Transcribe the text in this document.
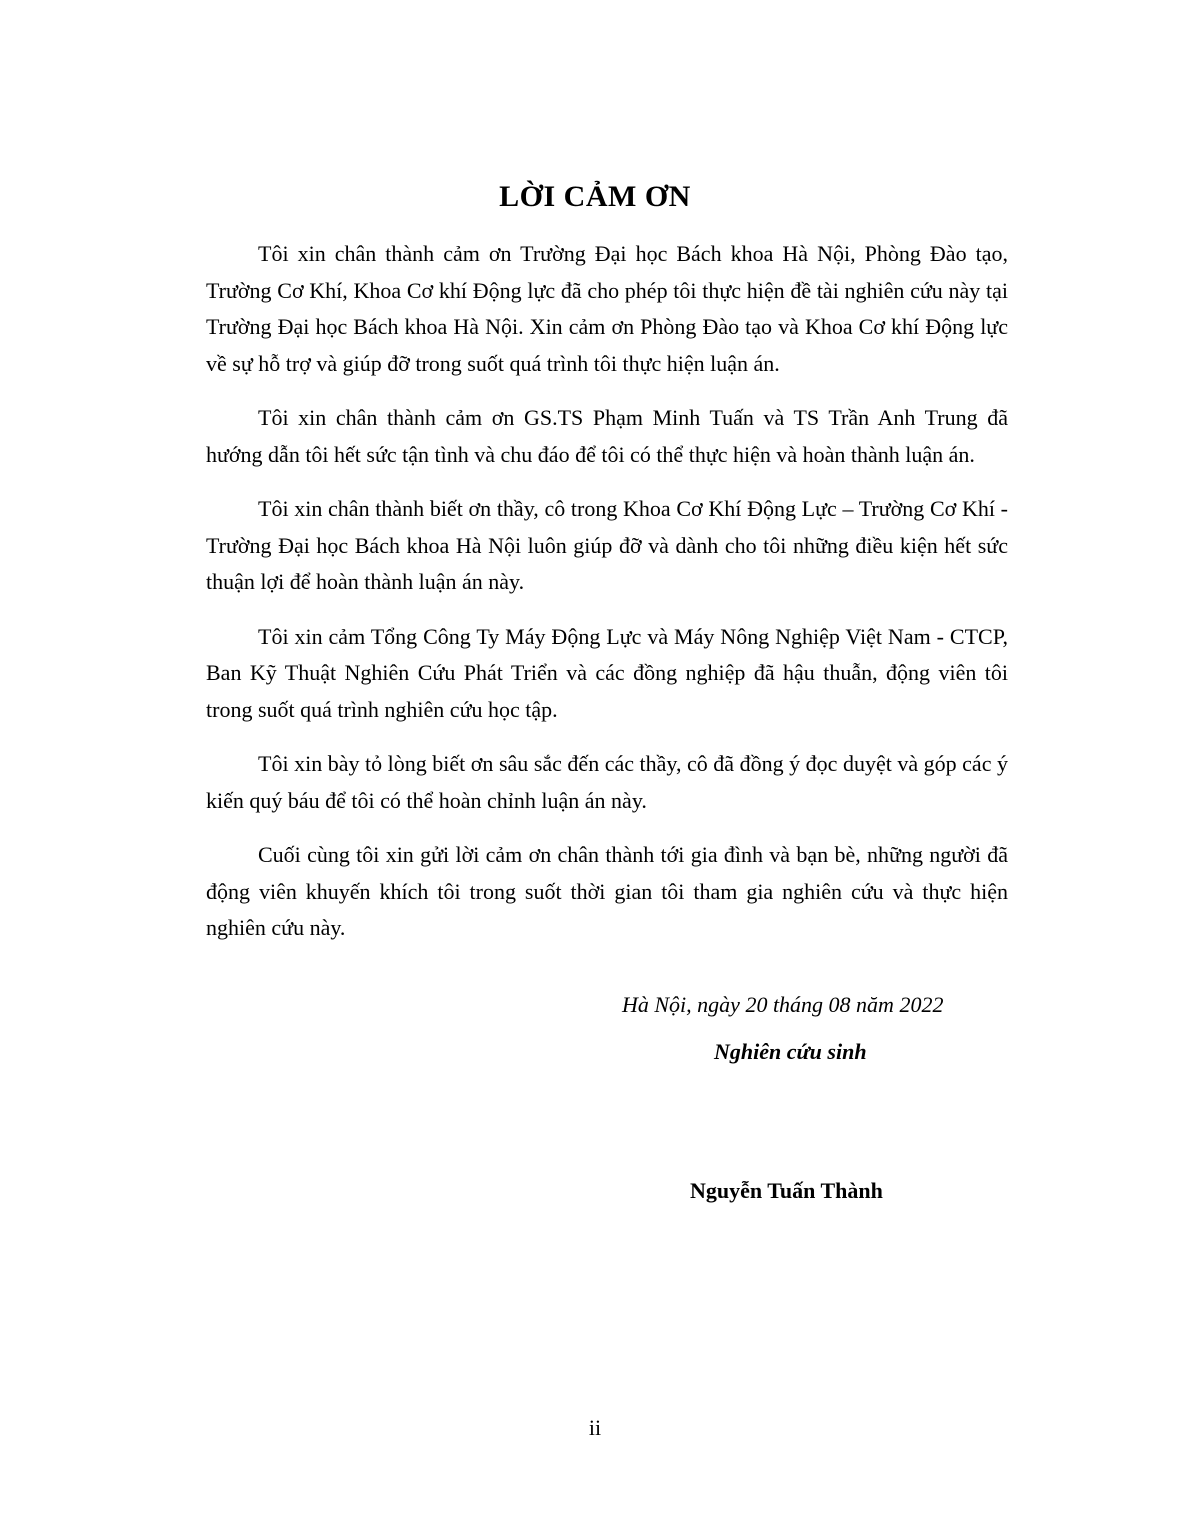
LỜI CẢM ƠN

Tôi xin chân thành cảm ơn Trường Đại học Bách khoa Hà Nội, Phòng Đào tạo, Trường Cơ Khí, Khoa Cơ khí Động lực đã cho phép tôi thực hiện đề tài nghiên cứu này tại Trường Đại học Bách khoa Hà Nội. Xin cảm ơn Phòng Đào tạo và Khoa Cơ khí Động lực về sự hỗ trợ và giúp đỡ trong suốt quá trình tôi thực hiện luận án.

Tôi xin chân thành cảm ơn GS.TS Phạm Minh Tuấn và TS Trần Anh Trung đã hướng dẫn tôi hết sức tận tình và chu đáo để tôi có thể thực hiện và hoàn thành luận án.

Tôi xin chân thành biết ơn thầy, cô trong Khoa Cơ Khí Động Lực – Trường Cơ Khí - Trường Đại học Bách khoa Hà Nội luôn giúp đỡ và dành cho tôi những điều kiện hết sức thuận lợi để hoàn thành luận án này.

Tôi xin cảm Tổng Công Ty Máy Động Lực và Máy Nông Nghiệp Việt Nam - CTCP, Ban Kỹ Thuật Nghiên Cứu Phát Triển và các đồng nghiệp đã hậu thuẫn, động viên tôi trong suốt quá trình nghiên cứu học tập.

Tôi xin bày tỏ lòng biết ơn sâu sắc đến các thầy, cô đã đồng ý đọc duyệt và góp các ý kiến quý báu để tôi có thể hoàn chỉnh luận án này.

Cuối cùng tôi xin gửi lời cảm ơn chân thành tới gia đình và bạn bè, những người đã động viên khuyến khích tôi trong suốt thời gian tôi tham gia nghiên cứu và thực hiện nghiên cứu này.

Hà Nội, ngày 20 tháng 08 năm 2022

Nghiên cứu sinh

Nguyễn Tuấn Thành

ii
